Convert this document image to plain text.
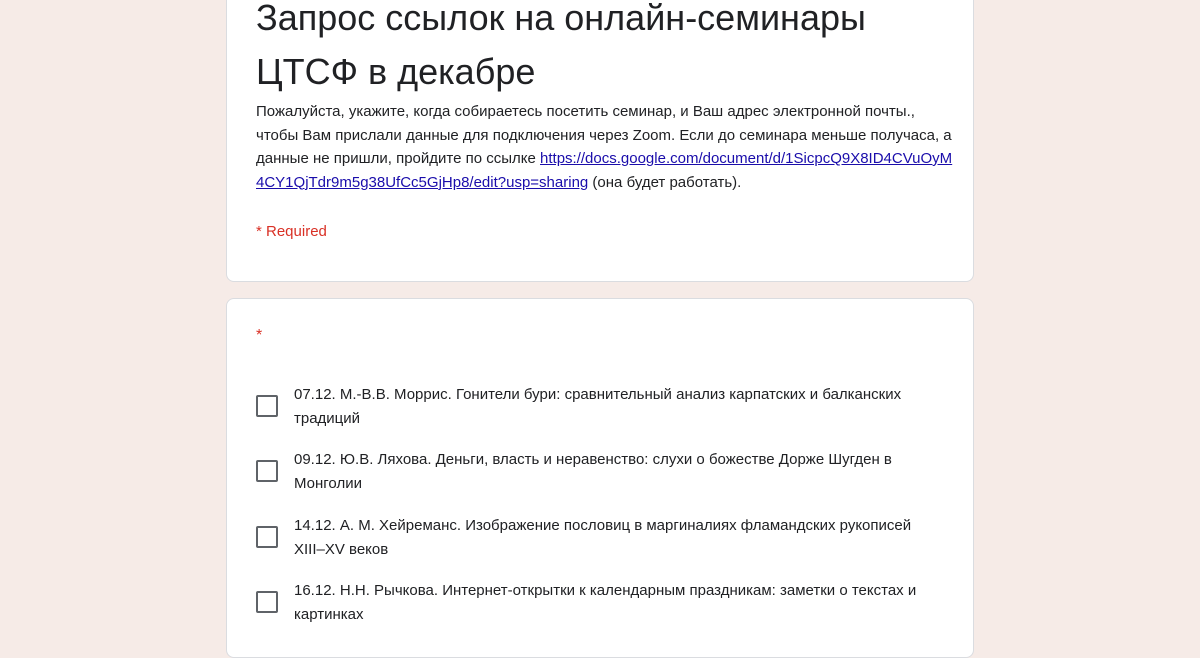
Запрос ссылок на онлайн-семинары ЦТСФ в декабре

Пожалуйста, укажите, когда собираетесь посетить семинар, и Ваш адрес электронной почты., чтобы Вам прислали данные для подключения через Zoom. Если до семинара меньше получаса, а данные не пришли, пройдите по ссылке https://docs.google.com/document/d/1SicpcQ9X8ID4CVuOyM4CY1QjTdr9m5g38UfCc5GjHp8/edit?usp=sharing (она будет работать).

* Required
*
07.12. М.-В.В. Моррис. Гонители бури: сравнительный анализ карпатских и балканских традиций
09.12. Ю.В. Ляхова. Деньги, власть и неравенство: слухи о божестве Дорже Шугден в Монголии
14.12. А. М. Хейреманс. Изображение пословиц в маргиналиях фламандских рукописей XIII–XV веков
16.12. Н.Н. Рычкова. Интернет-открытки к календарным праздникам: заметки о текстах и картинках
